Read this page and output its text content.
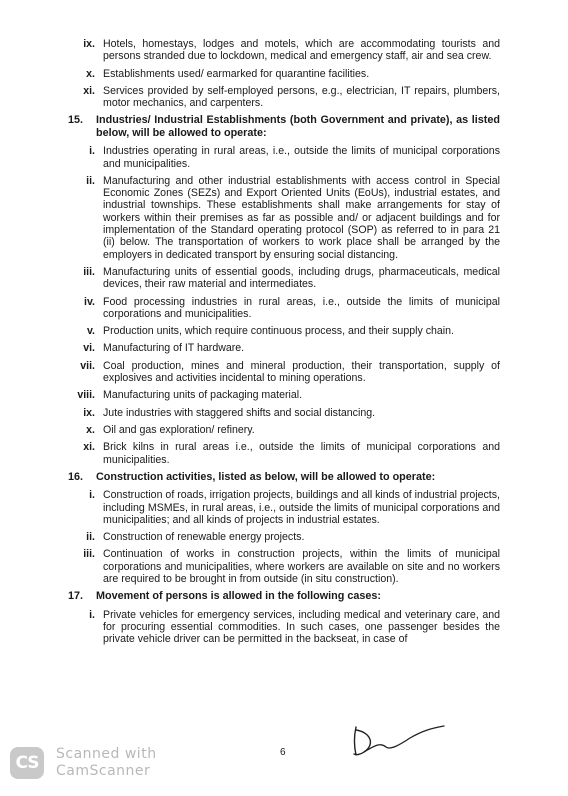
ix. Hotels, homestays, lodges and motels, which are accommodating tourists and persons stranded due to lockdown, medical and emergency staff, air and sea crew.
x. Establishments used/ earmarked for quarantine facilities.
xi. Services provided by self-employed persons, e.g., electrician, IT repairs, plumbers, motor mechanics, and carpenters.
15.	Industries/ Industrial Establishments (both Government and private), as listed below, will be allowed to operate:
i. Industries operating in rural areas, i.e., outside the limits of municipal corporations and municipalities.
ii. Manufacturing and other industrial establishments with access control in Special Economic Zones (SEZs) and Export Oriented Units (EoUs), industrial estates, and industrial townships. These establishments shall make arrangements for stay of workers within their premises as far as possible and/ or adjacent buildings and for implementation of the Standard operating protocol (SOP) as referred to in para 21 (ii) below. The transportation of workers to work place shall be arranged by the employers in dedicated transport by ensuring social distancing.
iii. Manufacturing units of essential goods, including drugs, pharmaceuticals, medical devices, their raw material and intermediates.
iv. Food processing industries in rural areas, i.e., outside the limits of municipal corporations and municipalities.
v. Production units, which require continuous process, and their supply chain.
vi. Manufacturing of IT hardware.
vii. Coal production, mines and mineral production, their transportation, supply of explosives and activities incidental to mining operations.
viii. Manufacturing units of packaging material.
ix. Jute industries with staggered shifts and social distancing.
x. Oil and gas exploration/ refinery.
xi. Brick kilns in rural areas i.e., outside the limits of municipal corporations and municipalities.
16.	Construction activities, listed as below, will be allowed to operate:
i. Construction of roads, irrigation projects, buildings and all kinds of industrial projects, including MSMEs, in rural areas, i.e., outside the limits of municipal corporations and municipalities; and all kinds of projects in industrial estates.
ii. Construction of renewable energy projects.
iii. Continuation of works in construction projects, within the limits of municipal corporations and municipalities, where workers are available on site and no workers are required to be brought in from outside (in situ construction).
17.	Movement of persons is allowed in the following cases:
i. Private vehicles for emergency services, including medical and veterinary care, and for procuring essential commodities. In such cases, one passenger besides the private vehicle driver can be permitted in the backseat, in case of
CS Scanned with
CamScanner
6
